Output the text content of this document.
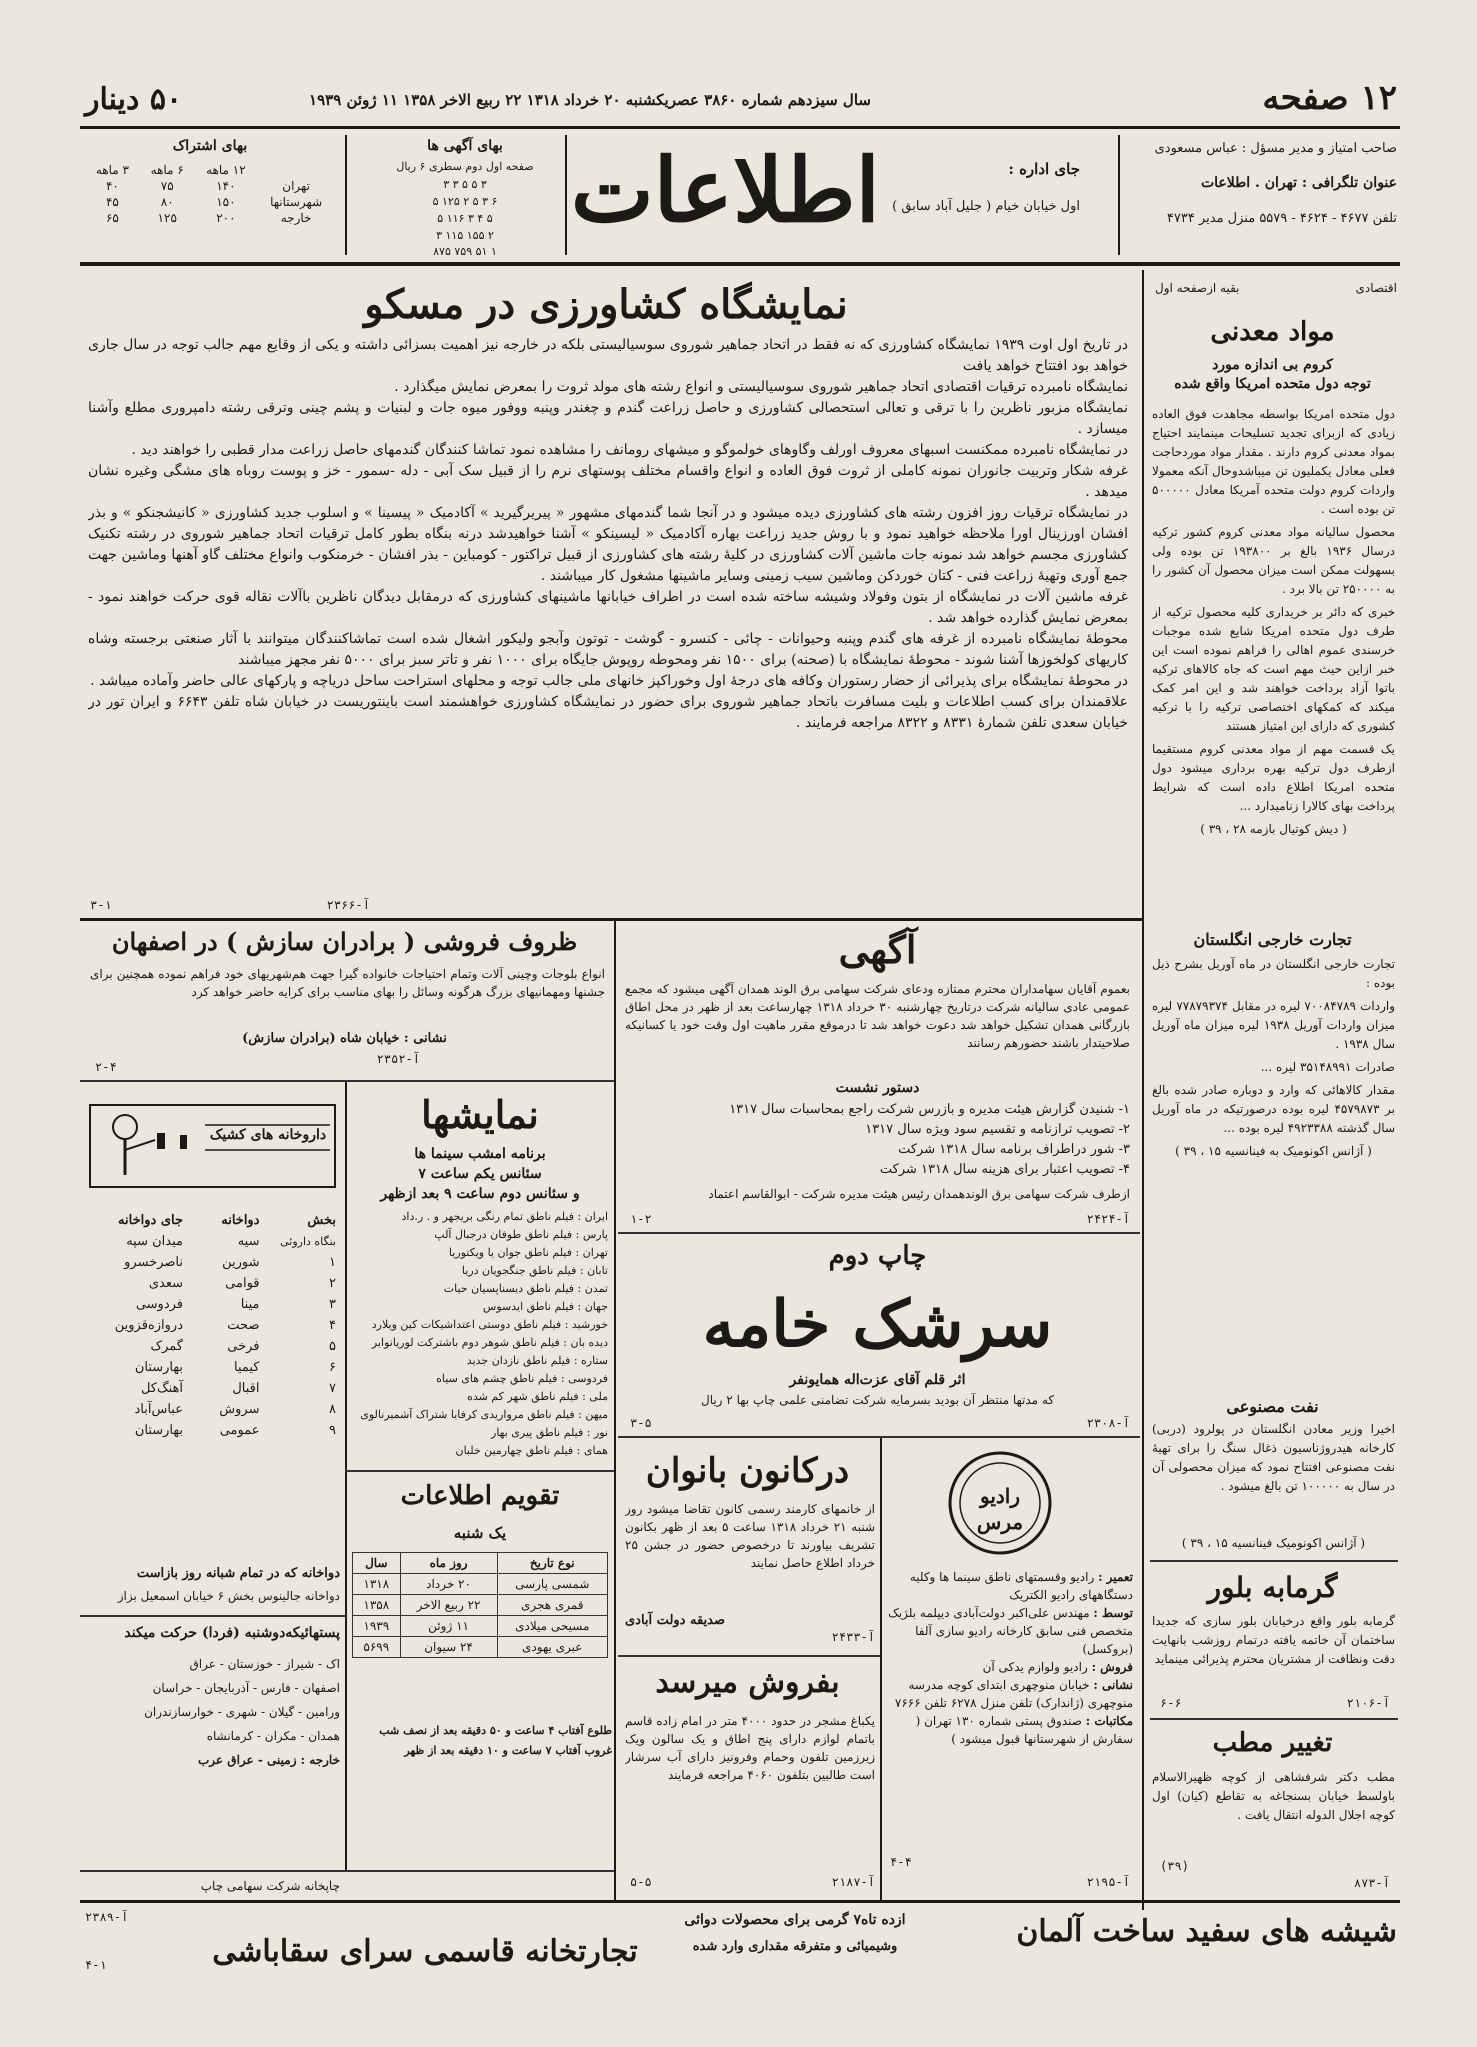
۱۲ صفحه
سال سیزدهم شماره ۳۸۶۰ عصریکشنبه ۲۰ خرداد ۱۳۱۸ ۲۲ ربیع الاخر ۱۳۵۸ ۱۱ ژوئن ۱۹۳۹
۵۰ دینار
صاحب امتیاز و مدیر مسؤل : عباس مسعودی
عنوان تلگرافی : تهران . اطلاعات
تلفن ۴۶۷۷ - ۴۶۲۴ - ۵۵۷۹ منزل مدیر ۴۷۳۴
جای اداره :
اول خیابان خیام ( جلیل آباد سابق )
اطلاعات
بهای آگهی ها
صفحه اول دوم سطری ۶ ریال
۳ ۵ ۵ ۳ ۳
۶ ۳ ۵ ۲ ۱۲۵ ۵
۵ ۴ ۳ ۱۱۶ ۵
۲ ۱۵۵ ۱۱۵ ۳
۱ ۵۱ ۷۵۹ ۸۷۵
بهای اشتراک
	۱۲ ماهه	۶ ماهه	۳ ماهه
تهران	۱۴۰	۷۵	۴۰
شهرستانها	۱۵۰	۸۰	۴۵
خارجه	۲۰۰	۱۲۵	۶۵
اقتصادی
بقیه ازصفحه اول
مواد معدنی
کروم بی اندازه مورد
توجه دول متحده امریکا واقع شده

دول متحده امریکا بواسطه مجاهدت فوق العاده زیادی که ازبرای تجدید تسلیحات مینمایند احتیاج بمواد معدنی کروم دارند . مقدار مواد موردحاجت فعلی معادل یکملیون تن میباشدوحال آنکه معمولا واردات کروم دولت متحده آمریکا معادل ۵۰۰۰۰۰ تن بوده است .

محصول سالیانه مواد معدنی کروم کشور ترکیه درسال ۱۹۳۶ بالغ بر ۱۹۳۸۰۰ تن بوده ولی بسهولت ممکن است میزان محصول آن کشور را به ۲۵۰۰۰۰ تن بالا برد .

خبری که دائر بر خریداری کلیه محصول ترکیه از طرف دول متحده امریکا شایع شده موجبات خرسندی عموم اهالی را فراهم نموده است این خبر ازاین حیث مهم است که جاه کالاهای ترکیه باتوا آزاد برداخت خواهند شد و این امر کمک میکند که کمکهای اختصاصی ترکیه را با ترکیه کشوری که دارای این امتیاز هستند

یک قسمت مهم از مواد معدنی کروم مستقیما ازطرف دول ترکیه بهره برداری میشود دول متحده امریکا اطلاع داده است که شرایط پرداخت بهای کالارا زنامیدارد ...

( دیش کوتیال بازمه ۲۸ ، ۳۹ )

تجارت خارجی انگلستان

تجارت خارجی انگلستان در ماه آوریل بشرح ذیل بوده :

واردات ۷۰۰۸۴۷۸۹ لیره در مقابل ۷۷۸۷۹۳۷۴ لیره میزان واردات آوریل ۱۹۳۸ لیره میزان ماه آوریل سال ۱۹۳۸ .

صادرات ۳۵۱۴۸۹۹۱ لیره ...

مقدار کالاهائی که وارد و دوباره صادر شده بالغ بر ۴۵۷۹۸۷۳ لیره بوده درصورتیکه در ماه آوریل سال گذشته ۴۹۲۳۳۸۸ لیره بوده ...

( آژانس اکونومیک به فینانسیه ۱۵ ، ۳۹ )

نفت مصنوعی
اخیرا وزیر معادن انگلستان در پولرود (دربی) کارخانه هیدروژناسیون ذغال سنگ را برای تهیهٔ نفت مصنوعی افتتاح نمود که میزان محصولی آن در سال به ۱۰۰۰۰۰ تن بالغ میشود .
( آژانس اکونومیک فینانسیه ۱۵ ، ۳۹ )
گرمابه بلور
گرمابه بلور واقع درخیابان بلور سازی که جدیدا ساختمان آن خاتمه یافته درتمام روزشب بانهایت دقت ونظافت از مشتریان محترم پذیرائی مینماید
آ-۲۱۰۶
۶-۶
تغییر مطب
مطب دکتر شرفشاهی از کوچه ظهیرالاسلام باولسط خیابان بسنجاغه به تقاطع (کیان) اول کوچه اجلال الدوله انتقال یافت .
آ-۸۷۳
(۳۹)
نمایشگاه کشاورزی در مسکو

در تاریخ اول اوت ۱۹۳۹ نمایشگاه کشاورزی که نه فقط در اتحاد جماهیر شوروی سوسیالیستی بلکه در خارجه نیز اهمیت بسزائی داشته و یکی از وقایع مهم جالب توجه در سال جاری خواهد بود افتتاح خواهد یافت

نمایشگاه نامبرده ترقیات اقتصادی اتحاد جماهیر شوروی سوسیالیستی و انواع رشته های مولد ثروت را بمعرض نمایش میگذارد .

نمایشگاه مزبور ناظرین را با ترقی و تعالی استحصالی کشاورزی و حاصل زراعت گندم و چغندر وپنبه ووفور میوه جات و لبنیات و پشم چینی وترقی رشته دامپروری مطلع وآشنا میسازد .

در نمایشگاه نامبرده ممکنست اسبهای معروف اورلف وگاوهای خولموگو و میشهای رومانف را مشاهده نمود تماشا کنندگان گندمهای حاصل زراعت مدار قطبی را خواهند دید .

غرفه شکار وتربیت جانوران نمونه کاملی از ثروت فوق العاده و انواع واقسام مختلف پوستهای نرم را از قبیل سک آبی - دله -سمور - خز و پوست روباه های مشگی وغیره نشان میدهد .

در نمایشگاه ترقیات روز افزون رشته های کشاورزی دیده میشود و در آنجا شما گندمهای مشهور « پیریرگیرید » آکادمیک « پیسینا » و اسلوب جدید کشاورزی « کانیشجنکو » و بذر افشان اورزینال اورا ملاحظه خواهید نمود و با روش جدید زراعت بهاره آکادمیک « لیسینکو » آشنا خواهیدشد درنه بنگاه بطور کامل ترقیات اتحاد جماهیر شوروی در رشته تکنیک کشاورزی مجسم خواهد شد نمونه جات ماشین آلات کشاورزی در کلیهٔ رشته های کشاورزی از قبیل تراکتور - کومباین - بذر افشان - خرمنکوب وانواع مختلف گاو آهنها وماشین جهت جمع آوری وتهیهٔ زراعت فنی - کتان خوردکن وماشین سیب زمینی وسایر ماشینها مشغول کار میباشند .

غرفه ماشین آلات در نمایشگاه از بتون وفولاد وشیشه ساخته شده است در اطراف خیابانها ماشینهای کشاورزی که درمقابل دیدگان ناظرین باآلات نقاله قوی حرکت خواهند نمود - بمعرض نمایش گذارده خواهد شد .

محوطهٔ نمایشگاه نامبرده از غرفه های گندم وپنبه وحیوانات - چائی - کنسرو - گوشت - توتون وآبجو ولیکور اشغال شده است تماشاکنندگان میتوانند با آثار صنعتی برجسته وشاه کاریهای کولخوزها آشنا شوند - محوطهٔ نمایشگاه با (صحنه) برای ۱۵۰۰ نفر ومحوطه روپوش جایگاه برای ۱۰۰۰ نفر و تاتر سبز برای ۵۰۰۰ نفر مجهز میباشند

در محوطهٔ نمایشگاه برای پذیرائی از حضار رستوران وکافه های درجهٔ اول وخوراکپز خانهای ملی جالب توجه و محلهای استراحت ساحل دریاچه و پارکهای عالی حاضر وآماده میباشد .

علاقمندان برای کسب اطلاعات و بلیت مسافرت باتحاد جماهیر شوروی برای حضور در نمایشگاه کشاورزی خواهشمند است باینتوریست در خیابان شاه تلفن ۶۶۴۳ و ایران تور در خیابان سعدی تلفن شمارهٔ ۸۳۳۱ و ۸۳۲۲ مراجعه فرمایند .

آ-۲۳۶۶
۳-۱
آگهی
بعموم آقایان سهامداران محترم ممتازه ودعای شرکت سهامی برق الوند همدان آگهی میشود که مجمع عمومی عادی سالیانه شرکت درتاریخ چهارشنبه ۳۰ خرداد ۱۳۱۸ چهارساعت بعد از ظهر در محل اطاق بازرگانی همدان تشکیل خواهد شد دعوت خواهد شد تا درموقع مقرر ماهیت اول وقت خود یا کسانیکه صلاحیتدار باشند حضورهم رسانند
دستور نشست
۱- شنیدن گزارش هیئت مدیره و بازرس شرکت راجع بمحاسبات سال ۱۳۱۷
۲- تصویب ترازنامه و تقسیم سود ویژه سال ۱۳۱۷
۳- شور دراطراف برنامه سال ۱۳۱۸ شرکت
۴- تصویب اعتبار برای هزینه سال ۱۳۱۸ شرکت
ازطرف شرکت سهامی برق الوندهمدان رئیس هیئت مدیره شرکت - ابوالقاسم اعتماد
آ-۲۴۲۴
۱-۲
چاپ دوم
سرشک خامه
اثر قلم آقای عزت‌اله همایونفر
که مدتها منتظر آن بودید بسرمایه شرکت تضامنی علمی چاپ بها ۲ ریال
آ-۲۳۰۸
۳-۵
رادیو مرس
تعمیر : رادیو وقسمتهای ناطق سینما ها وکلیه دستگاههای رادیو الکتریک
توسط : مهندس علی‌اکبر دولت‌آبادی دیپلمه بلژیک متخصص فنی سابق کارخانه رادیو سازی آلفا (بروکسل)
فروش : رادیو ولوازم یدکی آن
نشانی : خیابان منوچهری ابتدای کوچه مدرسه منوچهری (ژاندارک) تلفن منزل ۶۲۷۸ تلفن ۷۶۶۶
مکاتبات : صندوق پستی شماره ۱۳۰ تهران ( سفارش از شهرستانها قبول میشود )
آ-۲۱۹۵
۴-۴
درکانون بانوان
از خانمهای کارمند رسمی کانون تقاضا میشود روز شنبه ۲۱ خرداد ۱۳۱۸ ساعت ۵ بعد از ظهر بکانون تشریف بیاورند تا درخصوص حضور در جشن ۲۵ خرداد اطلاع حاصل نمایند
صدیقه دولت آبادی
آ-۲۴۳۳
بفروش میرسد
یکباغ مشجر در حدود ۴۰۰۰ متر در امام زاده قاسم باتمام لوازم دارای پنج اطاق و یک سالون ویک زیرزمین تلفون وحمام وفرونیز دارای آب سرشار است طالبین بتلفون ۴۰۶۰ مراجعه فرمایند
آ-۲۱۸۷
۵-۵
ظروف فروشی ( برادران سازش ) در اصفهان
انواع بلوجات وچینی آلات وتمام احتیاجات خانواده گیرا جهت هم‌شهریهای خود فراهم نموده همچنین برای جشنها ومهمانیهای بزرگ هرگونه وسائل را بهای مناسب برای کرایه حاضر خواهد کرد
نشانی : خیابان شاه (برادران سازش)
آ-۲۳۵۲
۲-۴
نمایشها
برنامه امشب سینما ها
سئانس یکم ساعت ۷
و سئانس دوم ساعت ۹ بعد ازظهر
ایران : فیلم ناطق تمام رنگی بریجهر و . ر.داد
پارس : فیلم ناطق طوفان درجبال آلپ
تهران : فیلم ناطق جوان یا ویکتوریا
تابان : فیلم ناطق جنگجویان دریا
تمدن : فیلم ناطق دیسناپسیان حیات
جهان : فیلم ناطق ایدسوس
خورشید : فیلم ناطق دوستی اعتداشیکات کین ویلارد
دیده بان : فیلم ناطق شوهر دوم باشترکت لوریانوایر
ستاره : فیلم ناطق نازدان جدید
فردوسی : فیلم ناطق چشم های سیاه
ملی : فیلم ناطق شهر کم شده
میهن : فیلم ناطق مرواریدی کرفابا شتراک آشمیرنالوی
نور : فیلم ناطق پیری بهار
همای : فیلم ناطق چهارمین خلبان
تقویم اطلاعات
یک شنبه
نوع تاریخ	روز ماه	سال
شمسی پارسی	۲۰ خرداد	۱۳۱۸
قمری هجری	۲۲ ربیع الاخر	۱۳۵۸
مسیحی میلادی	۱۱ ژوئن	۱۹۳۹
عبری یهودی	۲۴ سیوان	۵۶۹۹
طلوع آفتاب ۴ ساعت و ۵۰ دقیقه بعد از نصف شب
غروب آفتاب ۷ ساعت و ۱۰ دقیقه بعد از ظهر
داروخانه های کشیک
بخش	دواخانه	جای دواخانه
بنگاه داروئی	سیه	میدان سپه
۱	شورین	ناصرخسرو
۲	قوامی	سعدی
۳	مینا	فردوسی
۴	صحت	دروازه‌قزوین
۵	فرخی	گمرک
۶	کیمیا	بهارستان
۷	اقبال	آهنگ‌کل
۸	سروش	عباس‌آباد
۹	عمومی	بهارستان
دواخانه که در تمام شبانه روز بازاست
دواخانه جالینوس بخش ۶ خیابان اسمعیل بزاز
پستهائیکه‌دوشنبه (فردا) حرکت میکند
اک - شیراز - خوزستان - عراق
اصفهان - فارس - آذربایجان - خراسان
ورامین - گیلان - شهری - خوارسازندران
همدان - مکران - کرمانشاه
خارجه : زمینی - عراق عرب
چاپخانه شرکت سهامی چاپ
شیشه های سفید ساخت آلمان
ازده تاه۷ گرمی برای محصولات دوائی
وشیمیائی و متفرقه مقداری وارد شده
تجارتخانه قاسمی سرای سقاباشی
آ-۲۳۸۹
۴-۱
